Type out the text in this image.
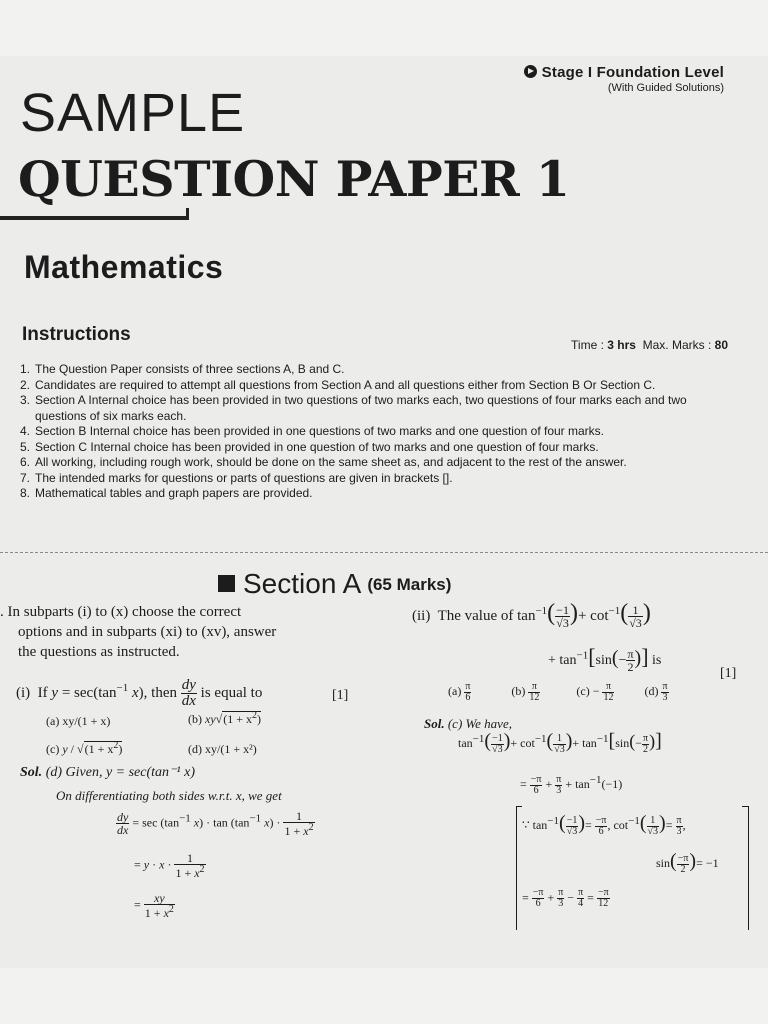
Stage I Foundation Level
(With Guided Solutions)
SAMPLE
QUESTION PAPER 1
Mathematics
Instructions	Time : 3 hrs Max. Marks : 80
1. The Question Paper consists of three sections A, B and C.
2. Candidates are required to attempt all questions from Section A and all questions either from Section B Or Section C.
3. Section A Internal choice has been provided in two questions of two marks each, two questions of four marks each and two questions of six marks each.
4. Section B Internal choice has been provided in one questions of two marks and one question of four marks.
5. Section C Internal choice has been provided in one question of two marks and one question of four marks.
6. All working, including rough work, should be done on the same sheet as, and adjacent to the rest of the answer.
7. The intended marks for questions or parts of questions are given in brackets [].
8. Mathematical tables and graph papers are provided.
Section A (65 Marks)
. In subparts (i) to (x) choose the correct
options and in subparts (xi) to (xv), answer
the questions as instructed.
(i)  If $y = \sec(\tan^{-1}$ x), then $\frac{dy}{dx}$ is equal to	[1]
(a) xy/(1 + x)	(b) $xy√(1 + x^2)$
(c) $y / √(1 + x^2)$	(d) xy/(1 + x²)
Sol. (d) Given, y = sec(tan⁻¹ x)
On differentiating both sides w.r.t. x, we get
$\frac{dy}{dx} = \sec (\tan^{-1}$ $x) \cdot \tan (\tan^{-1}$ $x) \cdot \frac{1}{1 + x^2}$
= $y \cdot x \cdot \frac{1}{1 + x^2}$
= $\frac{xy}{1 + x^2}$
(ii) The value of $\tan^{-1}( \frac{-1}{√3}$ )+ $\cot^{-1}( \frac{1}{√3}$ )
+ $\tan^{-1}[\sin(- \frac{\pi}{2}$ )] is
[1]
$(a) \frac{\pi}{6}$	$(b) \frac{\pi}{12}$	$(c) - \frac{\pi}{12}$	$(d) \frac{\pi}{3}$
Sol. (c) We have,
$\tan^{-1}( \frac{-1}{√3}$ )+ $\cot^{-1}( \frac{1}{√3}$ )+ $\tan^{-1}[\sin(- \frac{\pi}{2}$ )]
= $\frac{-\pi}{6} + \frac{\pi}{3} + \tan^{-1}(-1)$
∵ $\tan^{-1}( \frac{-1}{√3}$ )= $\frac{-\pi}{6}$ , $\cot^{-1}( \frac{1}{√3}$ )= $\frac{\pi}{3}$ ,
$\sin( \frac{-\pi}{2}$ )= −1
= $\frac{-\pi}{6} + \frac{\pi}{3} - \frac{\pi}{4} = \frac{-\pi}{12}$
